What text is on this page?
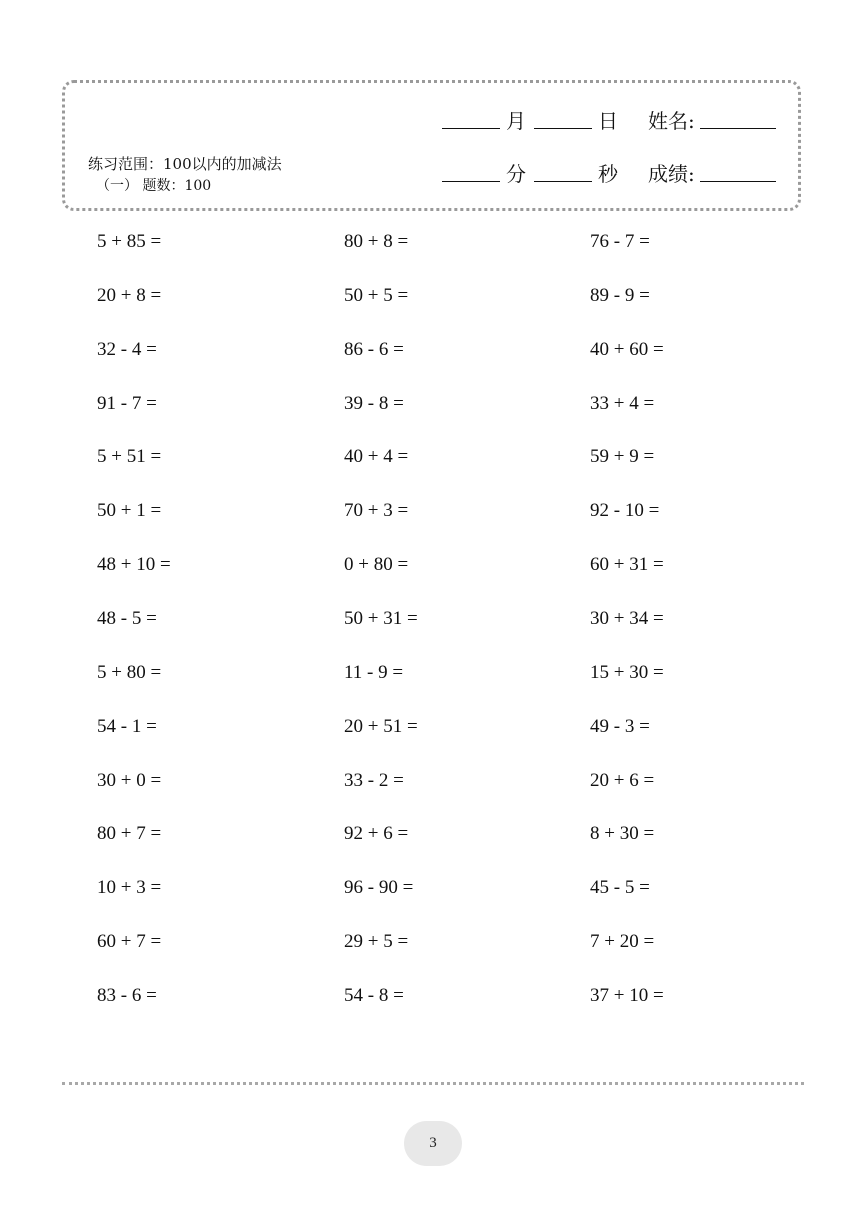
练习范围：100以内的加减法
（一） 题数：100
月	日 姓名:
分	秒 成绩:
5 + 85 =
20 + 8 =
32 - 4 =
91 - 7 =
5 + 51 =
50 + 1 =
48 + 10 =
48 - 5 =
5 + 80 =
54 - 1 =
30 + 0 =
80 + 7 =
10 + 3 =
60 + 7 =
83 - 6 =
80 + 8 =
50 + 5 =
86 - 6 =
39 - 8 =
40 + 4 =
70 + 3 =
0 + 80 =
50 + 31 =
11 - 9 =
20 + 51 =
33 - 2 =
92 + 6 =
96 - 90 =
29 + 5 =
54 - 8 =
76 - 7 =
89 - 9 =
40 + 60 =
33 + 4 =
59 + 9 =
92 - 10 =
60 + 31 =
30 + 34 =
15 + 30 =
49 - 3 =
20 + 6 =
8 + 30 =
45 - 5 =
7 + 20 =
37 + 10 =
3
